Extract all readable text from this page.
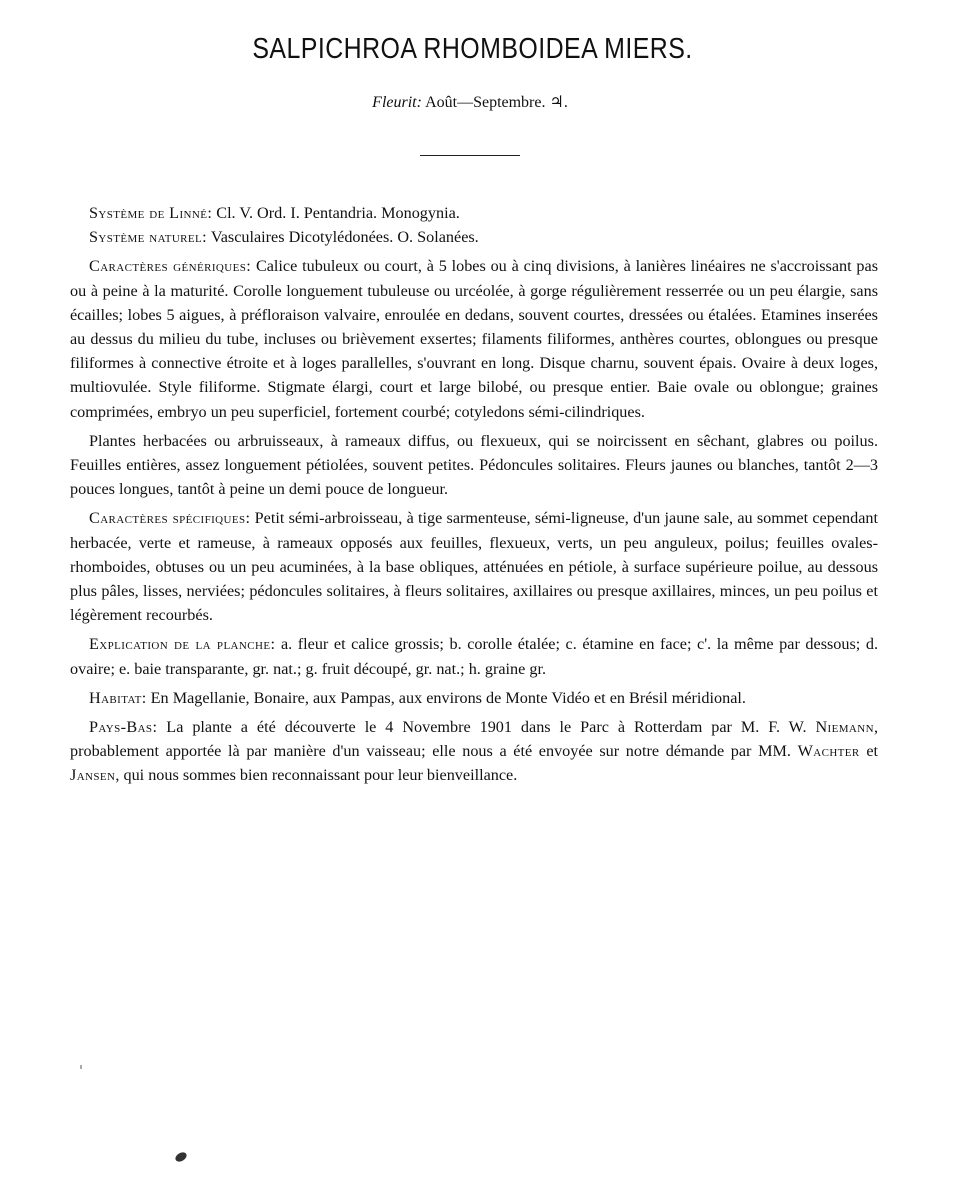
SALPICHROA RHOMBOIDEA MIERS.
Fleurit: Août—Septembre. ♃.

Système de Linné: Cl. V. Ord. I. Pentandria. Monogynia.

Système naturel: Vasculaires Dicotylédonées. O. Solanées.

Caractères génériques: Calice tubuleux ou court, à 5 lobes ou à cinq divisions, à lanières linéaires ne s'accroissant pas ou à peine à la maturité. Corolle longuement tubuleuse ou urcéolée, à gorge régulièrement resserrée ou un peu élargie, sans écailles; lobes 5 aigues, à préfloraison valvaire, enroulée en dedans, souvent courtes, dressées ou étalées. Etamines inserées au dessus du milieu du tube, incluses ou brièvement exsertes; filaments filiformes, anthères courtes, oblongues ou presque filiformes à connective étroite et à loges parallelles, s'ouvrant en long. Disque charnu, souvent épais. Ovaire à deux loges, multiovulée. Style filiforme. Stigmate élargi, court et large bilobé, ou presque entier. Baie ovale ou oblongue; graines comprimées, embryo un peu superficiel, fortement courbé; cotyledons sémi-cilindriques.

Plantes herbacées ou arbruisseaux, à rameaux diffus, ou flexueux, qui se noircissent en sêchant, glabres ou poilus. Feuilles entières, assez longuement pétiolées, souvent petites. Pédoncules solitaires. Fleurs jaunes ou blanches, tantôt 2—3 pouces longues, tantôt à peine un demi pouce de longueur.

Caractères spécifiques: Petit sémi-arbroisseau, à tige sarmenteuse, sémi-ligneuse, d'un jaune sale, au sommet cependant herbacée, verte et rameuse, à rameaux opposés aux feuilles, flexueux, verts, un peu anguleux, poilus; feuilles ovales-rhomboides, obtuses ou un peu acuminées, à la base obliques, atténuées en pétiole, à surface supérieure poilue, au dessous plus pâles, lisses, nerviées; pédoncules solitaires, à fleurs solitaires, axillaires ou presque axillaires, minces, un peu poilus et légèrement recourbés.

Explication de la planche: a. fleur et calice grossis; b. corolle étalée; c. étamine en face; c'. la même par dessous; d. ovaire; e. baie transparante, gr. nat.; g. fruit découpé, gr. nat.; h. graine gr.

Habitat: En Magellanie, Bonaire, aux Pampas, aux environs de Monte Vidéo et en Brésil méridional.

Pays-Bas: La plante a été découverte le 4 Novembre 1901 dans le Parc à Rotterdam par M. F. W. Niemann, probablement apportée là par manière d'un vaisseau; elle nous a été envoyée sur notre démande par MM. Wachter et Jansen, qui nous sommes bien reconnaissant pour leur bienveillance.
